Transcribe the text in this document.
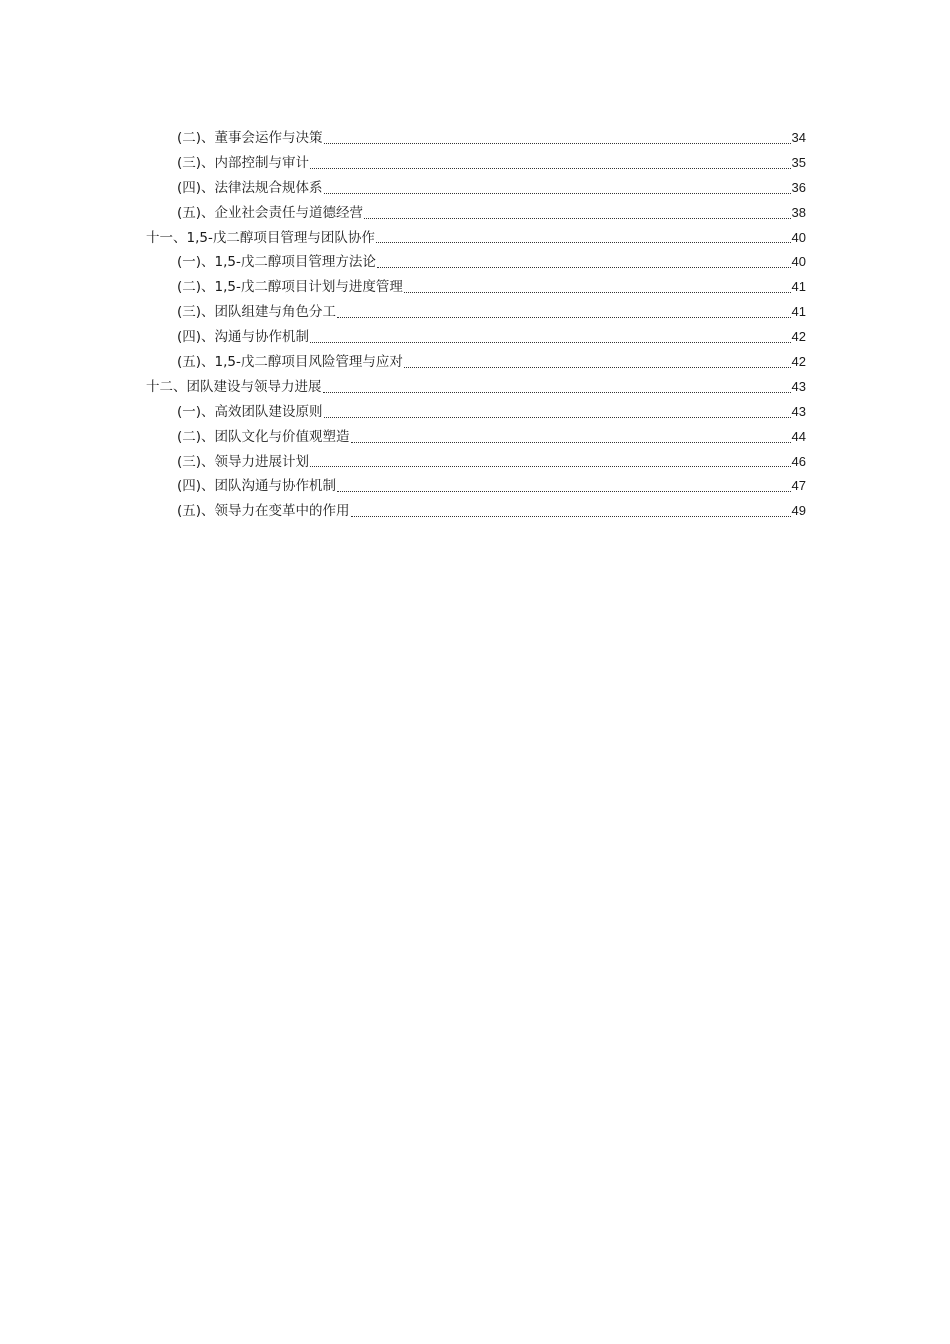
(二)、董事会运作与决策	34
(三)、内部控制与审计	35
(四)、法律法规合规体系	36
(五)、企业社会责任与道德经营	38
十一、1,5-戊二醇项目管理与团队协作	40
(一)、1,5-戊二醇项目管理方法论	40
(二)、1,5-戊二醇项目计划与进度管理	41
(三)、团队组建与角色分工	41
(四)、沟通与协作机制	42
(五)、1,5-戊二醇项目风险管理与应对	42
十二、团队建设与领导力进展	43
(一)、高效团队建设原则	43
(二)、团队文化与价值观塑造	44
(三)、领导力进展计划	46
(四)、团队沟通与协作机制	47
(五)、领导力在变革中的作用	49
